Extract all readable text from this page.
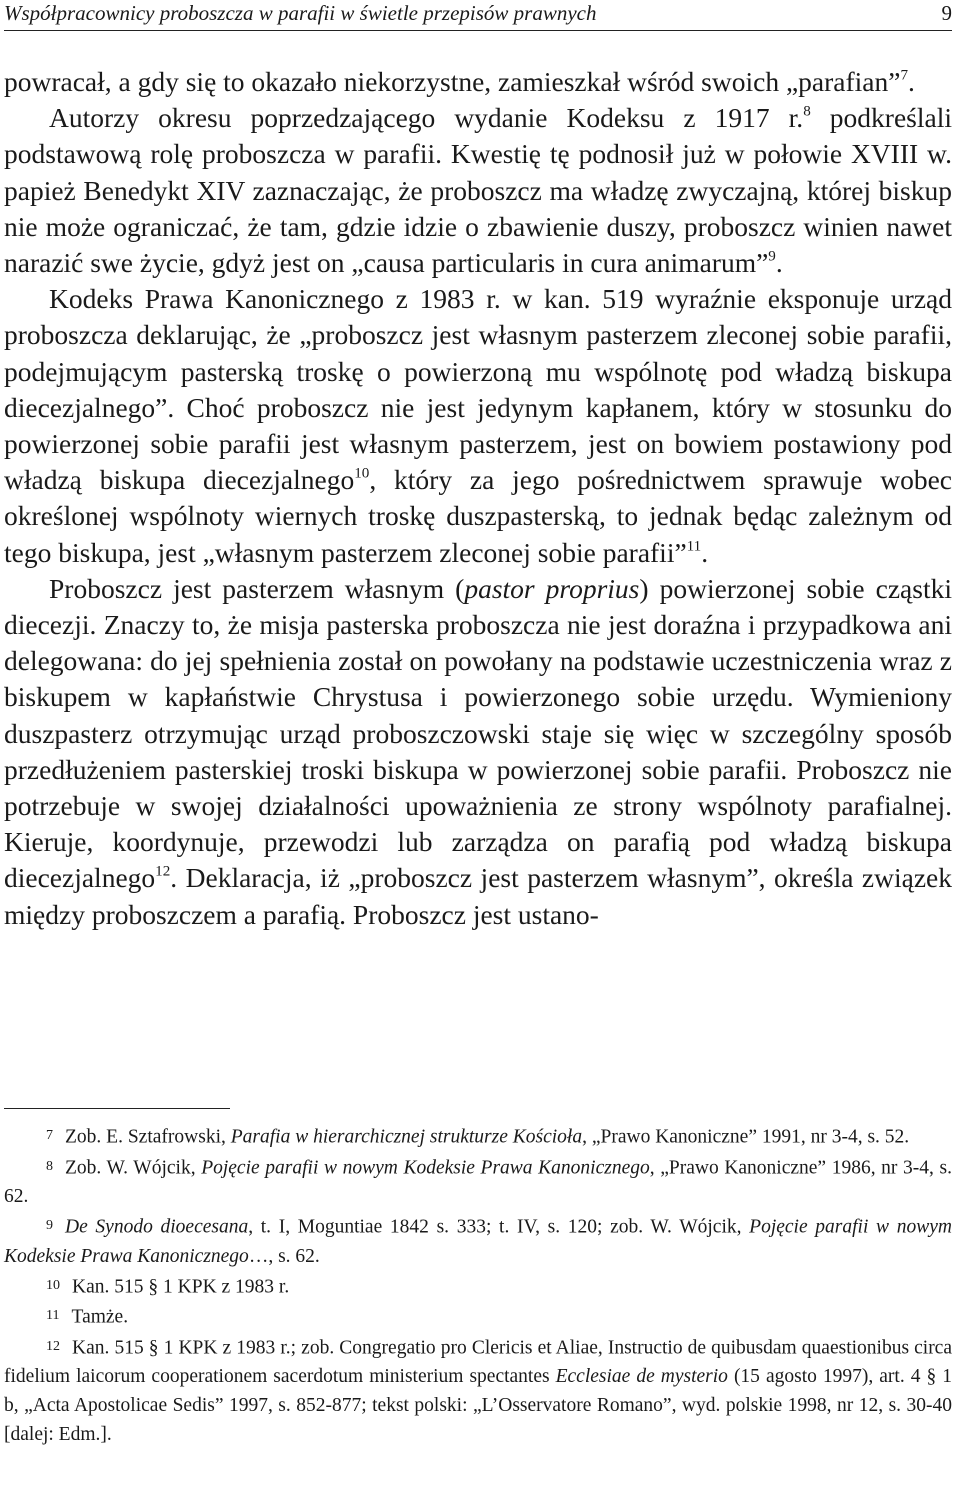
Współpracownicy proboszcza w parafii w świetle przepisów prawnych	9

powracał, a gdy się to okazało niekorzystne, zamieszkał wśród swoich „parafian”$^7$.

Autorzy okresu poprzedzającego wydanie Kodeksu z 1917 r.$^8$ podkreślali podstawową rolę proboszcza w parafii. Kwestię tę podnosił już w połowie XVIII w. papież Benedykt XIV zaznaczając, że proboszcz ma władzę zwyczajną, której biskup nie może ograniczać, że tam, gdzie idzie o zbawienie duszy, proboszcz winien nawet narazić swe życie, gdyż jest on „causa particularis in cura animarum”$^9$.

Kodeks Prawa Kanonicznego z 1983 r. w kan. 519 wyraźnie eksponuje urząd proboszcza deklarując, że „proboszcz jest własnym pasterzem zleconej sobie parafii, podejmującym pasterską troskę o powierzoną mu wspólnotę pod władzą biskupa diecezjalnego”. Choć proboszcz nie jest jedynym kapłanem, który w stosunku do powierzonej sobie parafii jest własnym pasterzem, jest on bowiem postawiony pod władzą biskupa diecezjalnego$^{10}$, który za jego pośrednictwem sprawuje wobec określonej wspólnoty wiernych troskę duszpasterską, to jednak będąc zależnym od tego biskupa, jest „własnym pasterzem zleconej sobie parafii”$^{11}$.

Proboszcz jest pasterzem własnym (pastor proprius) powierzonej sobie cząstki diecezji. Znaczy to, że misja pasterska proboszcza nie jest doraźna i przypadkowa ani delegowana: do jej spełnienia został on powołany na podstawie uczestniczenia wraz z biskupem w kapłaństwie Chrystusa i powierzonego sobie urzędu. Wymieniony duszpasterz otrzymując urząd proboszczowski staje się więc w szczególny sposób przedłużeniem pasterskiej troski biskupa w powierzonej sobie parafii. Proboszcz nie potrzebuje w swojej działalności upoważnienia ze strony wspólnoty parafialnej. Kieruje, koordynuje, przewodzi lub zarządza on parafią pod władzą biskupa diecezjalnego$^{12}$. Deklaracja, iż „proboszcz jest pasterzem własnym”, określa związek między proboszczem a parafią. Proboszcz jest ustano-

7 Zob. E. Sztafrowski, Parafia w hierarchicznej strukturze Kościoła, „Prawo Kanoniczne” 1991, nr 3-4, s. 52.

8 Zob. W. Wójcik, Pojęcie parafii w nowym Kodeksie Prawa Kanonicznego, „Prawo Kanoniczne” 1986, nr 3-4, s. 62.

9 De Synodo dioecesana, t. I, Moguntiae 1842 s. 333; t. IV, s. 120; zob. W. Wójcik, Pojęcie parafii w nowym Kodeksie Prawa Kanonicznego…, s. 62.

10 Kan. 515 § 1 KPK z 1983 r.

11 Tamże.

12 Kan. 515 § 1 KPK z 1983 r.; zob. Congregatio pro Clericis et Aliae, Instructio de quibusdam quaestionibus circa fidelium laicorum cooperationem sacerdotum ministerium spectantes Ecclesiae de mysterio (15 agosto 1997), art. 4 § 1 b, „Acta Apostolicae Sedis” 1997, s. 852-877; tekst polski: „L’Osservatore Romano”, wyd. polskie 1998, nr 12, s. 30-40 [dalej: Edm.].
